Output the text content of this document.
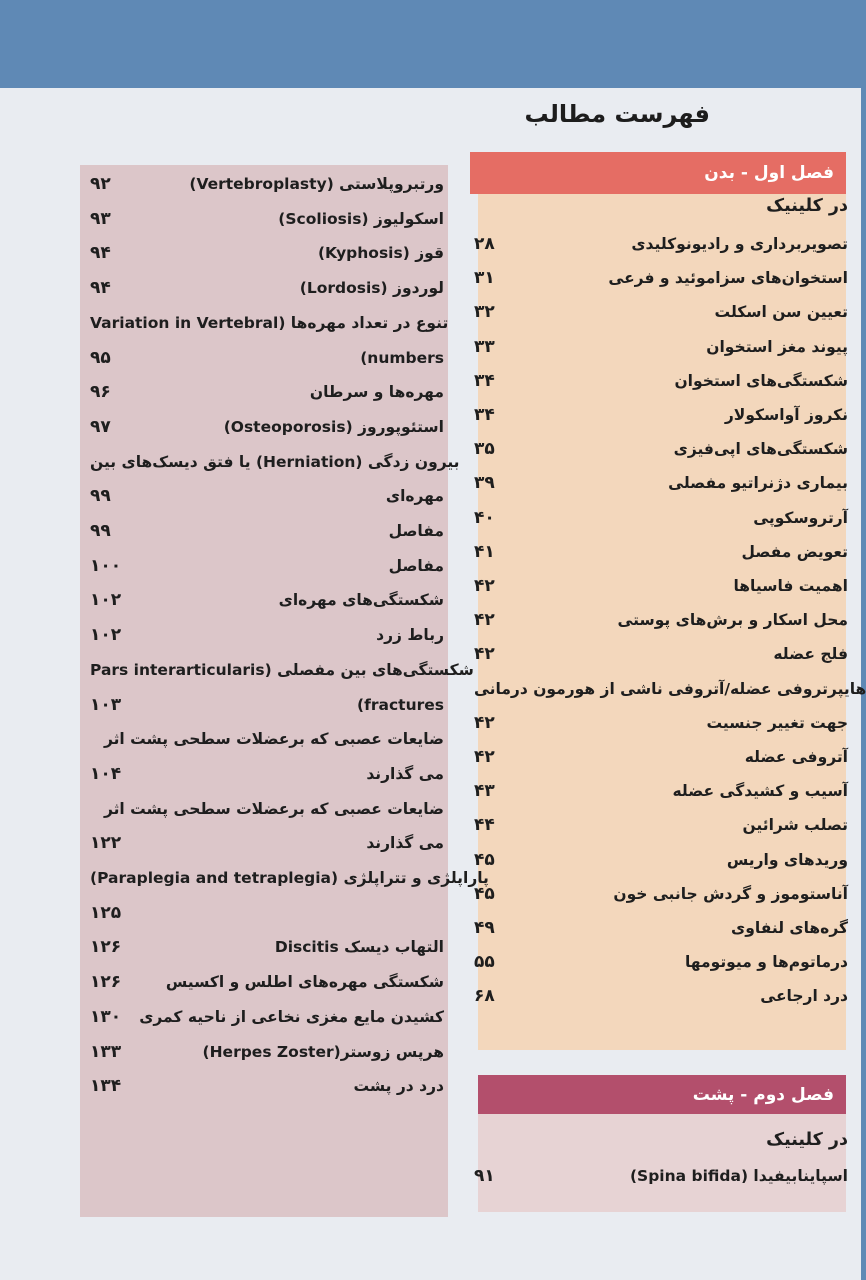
فهرست مطالب
فصل اول - بدن
فصل دوم - پشت
در کلینیک
در کلینیک
۲۸	تصویربرداری و رادیونوکلیدی
۳۱	استخوان‌های سزاموئید و فرعی
۳۲	تعیین سن اسکلت
۳۳	پیوند مغز استخوان
۳۴	شکستگی‌های استخوان
۳۴	نکروز آواسکولار
۳۵	شکستگی‌های اپی‌فیزی
۳۹	بیماری دژنراتیو مفصلی
۴۰	آرتروسکوپی
۴۱	تعویض مفصل
۴۲	اهمیت فاسیاها
۴۲	محل اسکار و برش‌های پوستی
۴۲	فلج عضله
هایپرتروفی عضله/آتروفی ناشی از هورمون درمانی
۴۲	جهت تغییر جنسیت
۴۲	آتروفی عضله
۴۳	آسیب و کشیدگی عضله
۴۴	تصلب شرائین
۴۵	وریدهای واریس
۴۵	آناستوموز و گردش جانبی خون
۴۹	گره‌های لنفاوی
۵۵	درماتوم‌ها و میوتومها
۶۸	درد ارجاعی
۹۱	اسپاینابیفیدا (Spina bifida)
۹۲	ورتبروپلاستی (Vertebroplasty)
۹۳	اسکولیوز (Scoliosis)
۹۴	قوز (Kyphosis)
۹۴	لوردوز (Lordosis)
تنوع در تعداد مهره‌ها (Variation in Vertebral
۹۵	numbers)
۹۶	مهره‌ها و سرطان
۹۷	استئوپوروز (Osteoporosis)
بیرون زدگی (Herniation) یا فتق دیسک‌های بین
۹۹	مهره‌ای
۹۹	مفاصل
۱۰۰	مفاصل
۱۰۲	شکستگی‌های مهره‌ای
۱۰۲	رباط زرد
شکستگی‌های بین مفصلی (Pars interarticularis
۱۰۳	fractures)
ضایعات عصبی که برعضلات سطحی پشت اثر
۱۰۴	می گذارند
ضایعات عصبی که برعضلات سطحی پشت اثر
۱۲۲	می گذارند
پاراپلژی و تتراپلژی (Paraplegia and tetraplegia)
۱۲۵
۱۲۶	التهاب دیسک Discitis
۱۲۶	شکستگی مهره‌های اطلس و اکسیس
۱۳۰	کشیدن مایع مغزی نخاعی از ناحیه کمری
۱۳۳	هرپس زوستر(Herpes Zoster)
۱۳۴	درد در پشت
